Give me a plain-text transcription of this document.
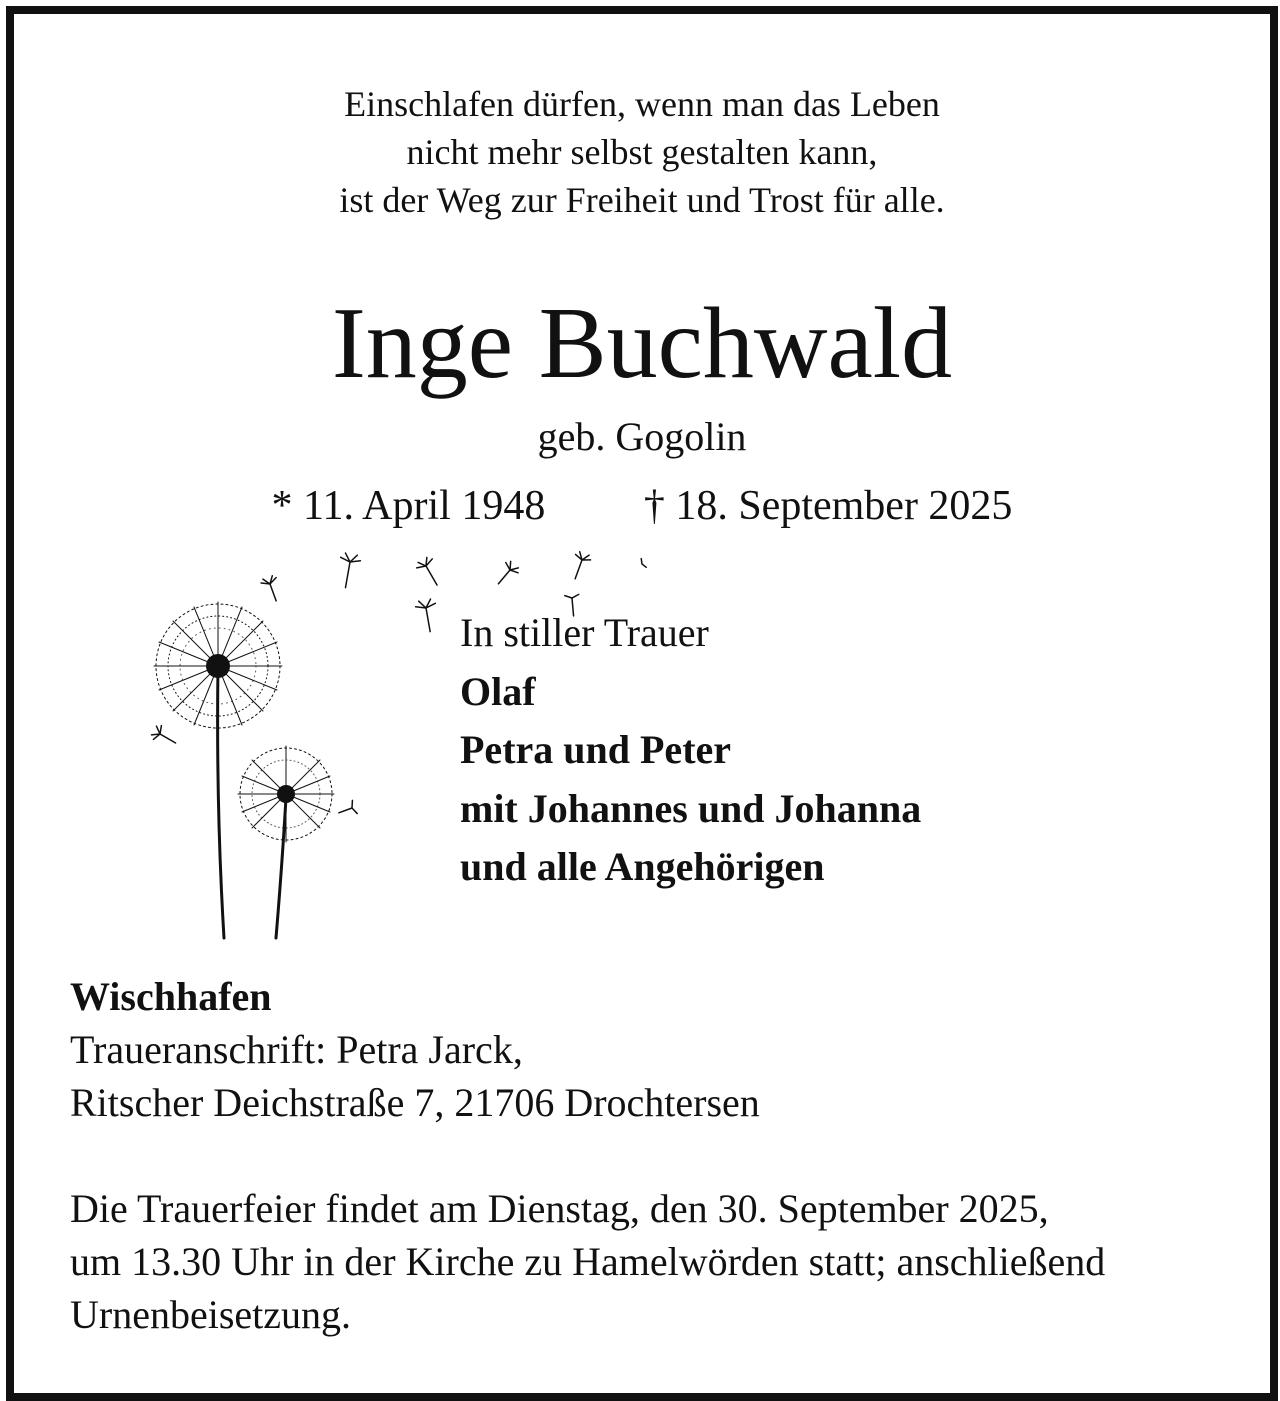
Einschlafen dürfen, wenn man das Leben
nicht mehr selbst gestalten kann,
ist der Weg zur Freiheit und Trost für alle.
Inge Buchwald
geb. Gogolin
* 11. April 1948 † 18. September 2025
In stiller Trauer
Olaf
Petra und Peter
mit Johannes und Johanna
und alle Angehörigen
Wischhafen
Traueranschrift: Petra Jarck,
Ritscher Deichstraße 7, 21706 Drochtersen
Die Trauerfeier findet am Dienstag, den 30. September 2025,
um 13.30 Uhr in der Kirche zu Hamelwörden statt; anschließend
Urnenbeisetzung.
